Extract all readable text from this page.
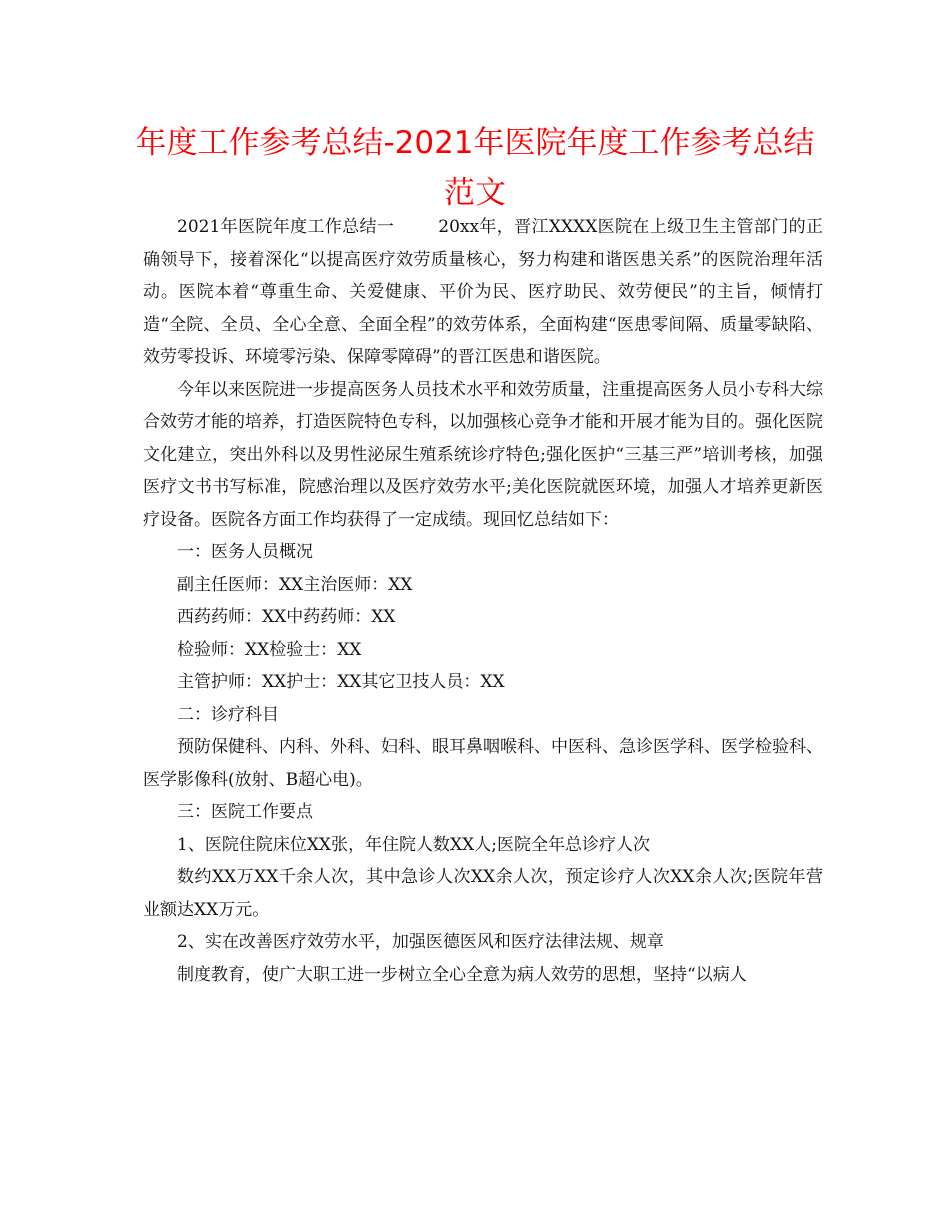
年度工作参考总结-2021年医院年度工作参考总结范文

2021年医院年度工作总结一	20xx年，晋江XXXX医院在上级卫生主管部门的正确领导下，接着深化“以提高医疗效劳质量核心，努力构建和谐医患关系”的医院治理年活动。医院本着“尊重生命、关爱健康、平价为民、医疗助民、效劳便民”的主旨，倾情打造“全院、全员、全心全意、全面全程”的效劳体系，全面构建“医患零间隔、质量零缺陷、效劳零投诉、环境零污染、保障零障碍”的晋江医患和谐医院。

今年以来医院进一步提高医务人员技术水平和效劳质量，注重提高医务人员小专科大综合效劳才能的培养，打造医院特色专科，以加强核心竞争才能和开展才能为目的。强化医院文化建立，突出外科以及男性泌尿生殖系统诊疗特色;强化医护“三基三严”培训考核，加强医疗文书书写标准，院感治理以及医疗效劳水平;美化医院就医环境，加强人才培养更新医疗设备。医院各方面工作均获得了一定成绩。现回忆总结如下：

一：医务人员概况

副主任医师：XX主治医师：XX

西药药师：XX中药药师：XX

检验师：XX检验士：XX

主管护师：XX护士：XX其它卫技人员：XX

二：诊疗科目

预防保健科、内科、外科、妇科、眼耳鼻咽喉科、中医科、急诊医学科、医学检验科、医学影像科(放射、B超心电)。

三：医院工作要点

1、医院住院床位XX张，年住院人数XX人;医院全年总诊疗人次

数约XX万XX千余人次，其中急诊人次XX余人次，预定诊疗人次XX余人次;医院年营业额达XX万元。

2、实在改善医疗效劳水平，加强医德医风和医疗法律法规、规章

制度教育，使广大职工进一步树立全心全意为病人效劳的思想，坚持“以病人
